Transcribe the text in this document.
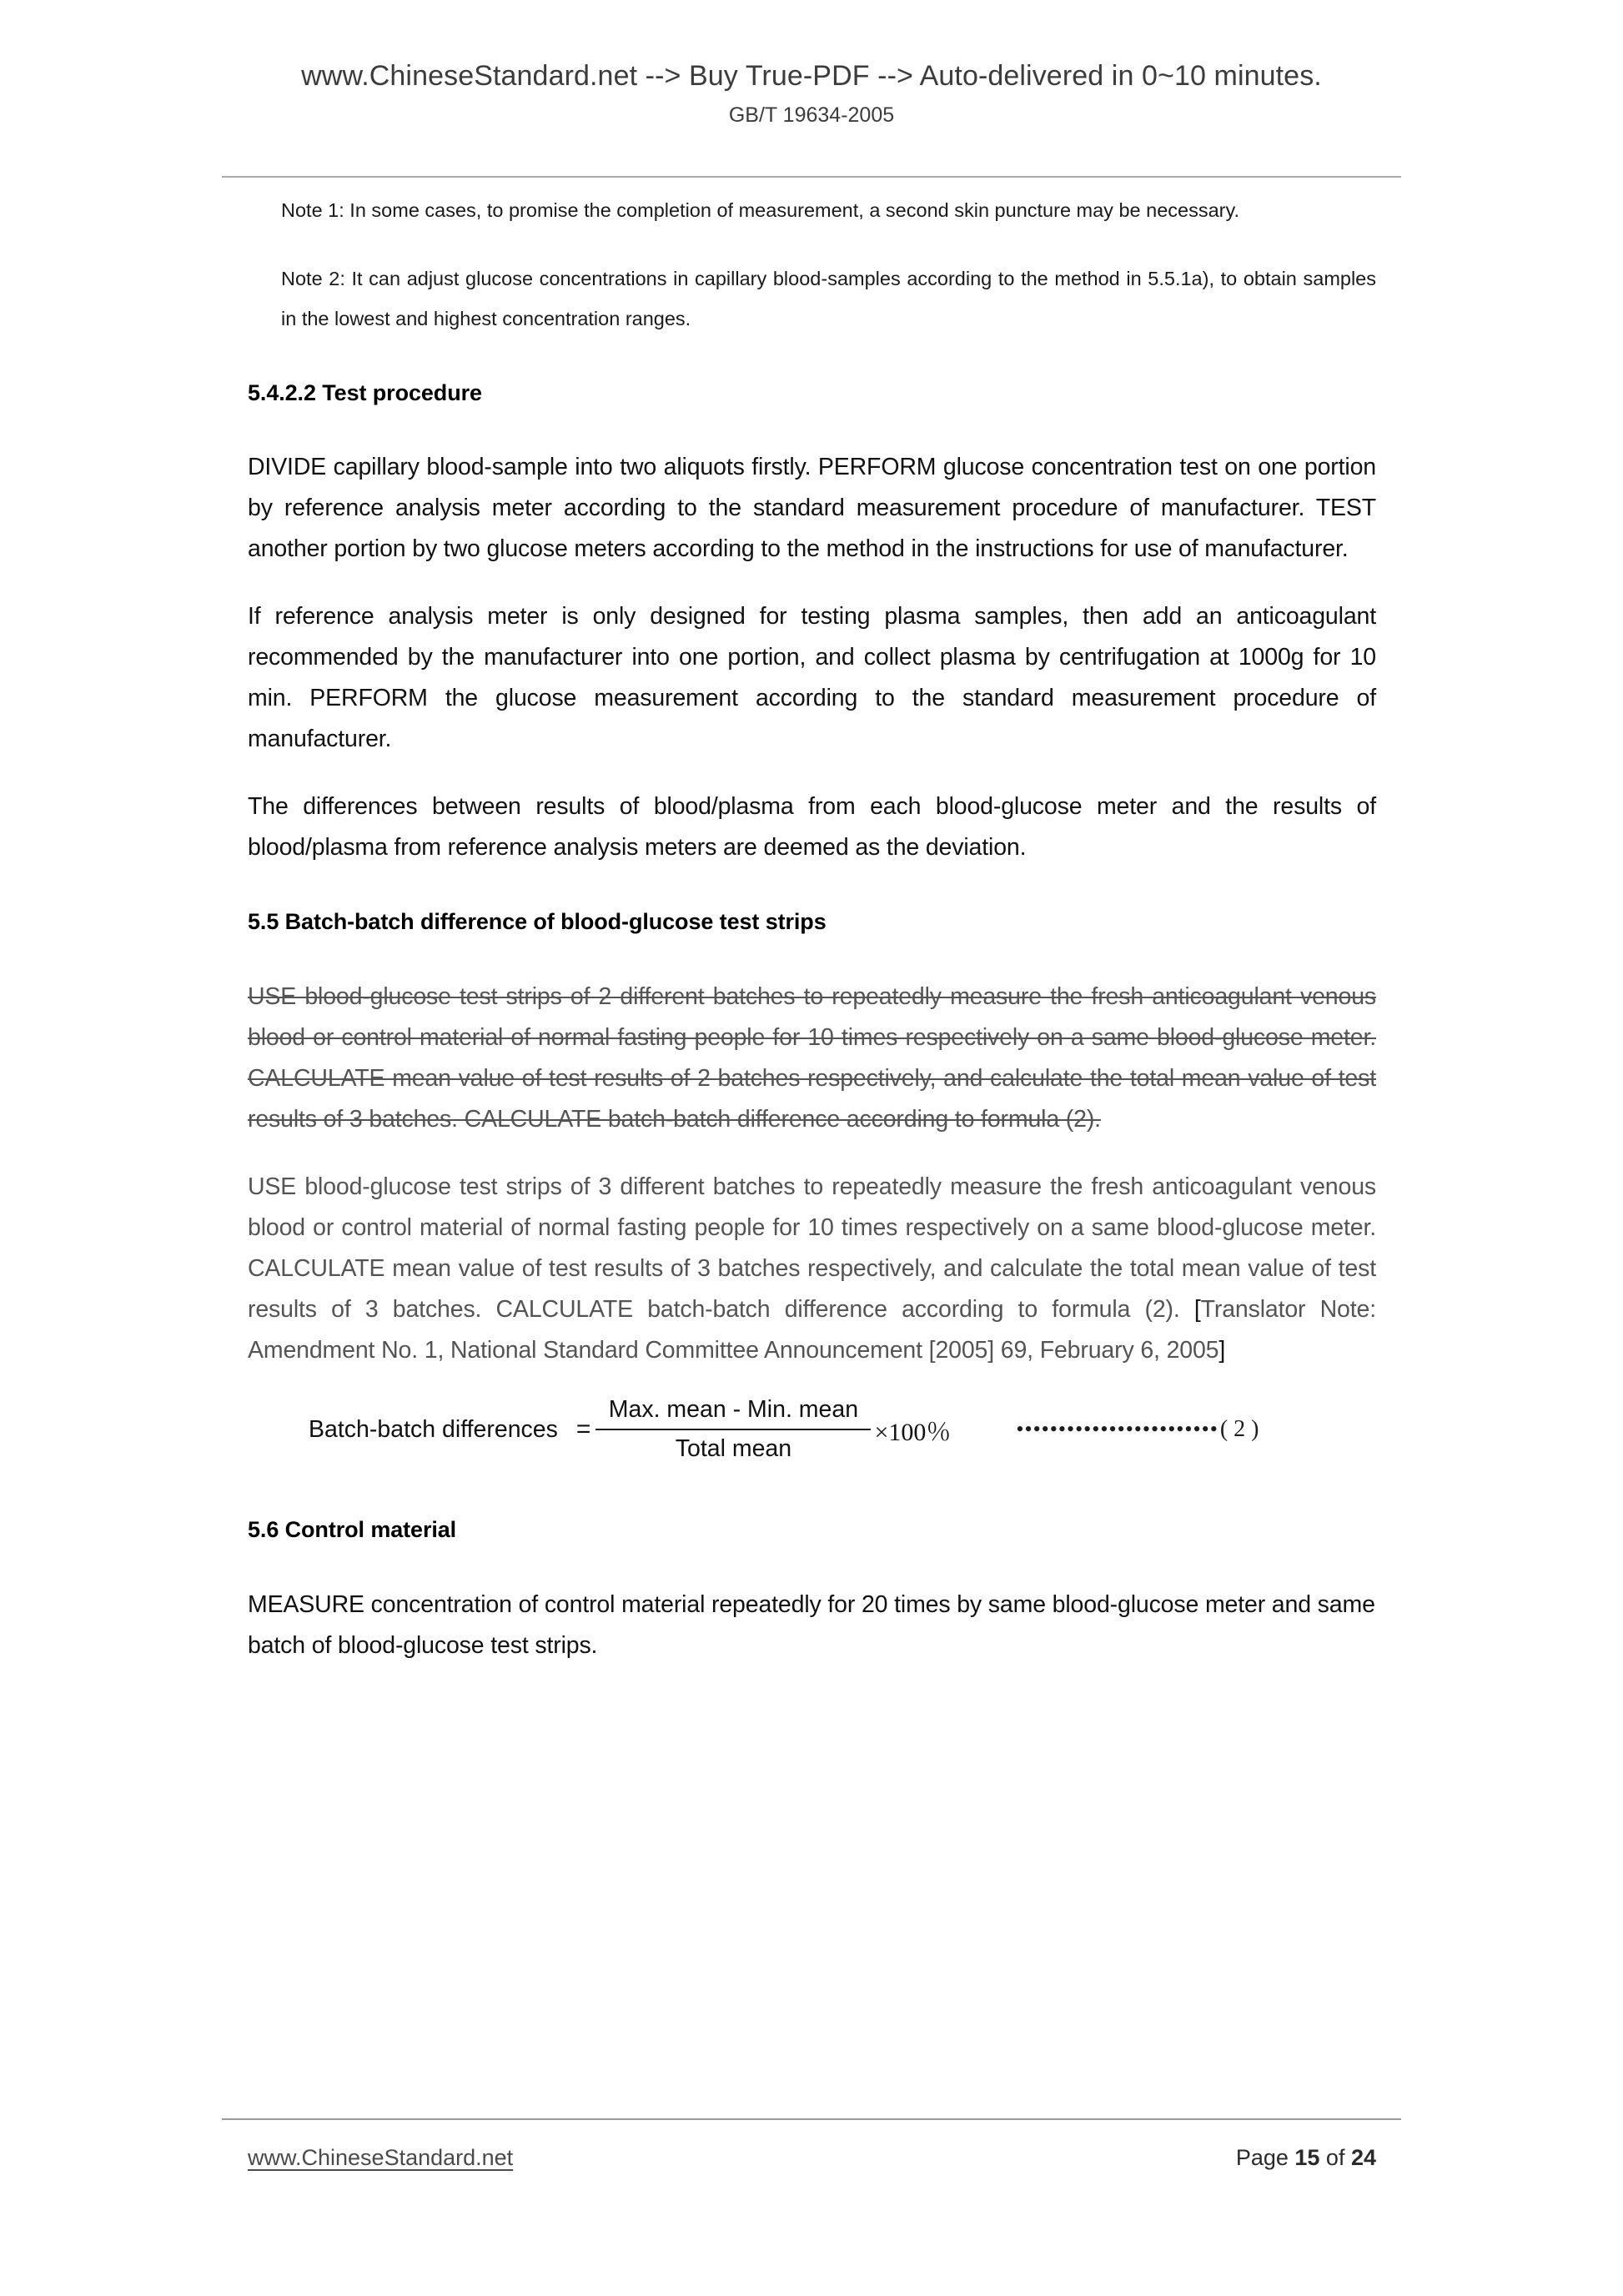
www.ChineseStandard.net --> Buy True-PDF --> Auto-delivered in 0~10 minutes.
GB/T 19634-2005

Note 1: In some cases, to promise the completion of measurement, a second skin puncture may be necessary.

Note 2: It can adjust glucose concentrations in capillary blood-samples according to the method in 5.5.1a), to obtain samples in the lowest and highest concentration ranges.

5.4.2.2 Test procedure

DIVIDE capillary blood-sample into two aliquots firstly. PERFORM glucose concentration test on one portion by reference analysis meter according to the standard measurement procedure of manufacturer. TEST another portion by two glucose meters according to the method in the instructions for use of manufacturer.

If reference analysis meter is only designed for testing plasma samples, then add an anticoagulant recommended by the manufacturer into one portion, and collect plasma by centrifugation at 1000g for 10 min. PERFORM the glucose measurement according to the standard measurement procedure of manufacturer.

The differences between results of blood/plasma from each blood-glucose meter and the results of blood/plasma from reference analysis meters are deemed as the deviation.

5.5 Batch-batch difference of blood-glucose test strips

USE blood-glucose test strips of 2 different batches to repeatedly measure the fresh anticoagulant venous blood or control material of normal fasting people for 10 times respectively on a same blood-glucose meter. CALCULATE mean value of test results of 2 batches respectively, and calculate the total mean value of test results of 3 batches. CALCULATE batch-batch difference according to formula (2).

USE blood-glucose test strips of 3 different batches to repeatedly measure the fresh anticoagulant venous blood or control material of normal fasting people for 10 times respectively on a same blood-glucose meter. CALCULATE mean value of test results of 3 batches respectively, and calculate the total mean value of test results of 3 batches. CALCULATE batch-batch difference according to formula (2). [Translator Note: Amendment No. 1, National Standard Committee Announcement [2005] 69, February 6, 2005]

Batch-batch differences = $\frac{\text{Max. mean - Min. mean}}{\text{Total mean}} \times 100$％	•••••••••••••••••••••••• ( 2 )
5.6 Control material

MEASURE concentration of control material repeatedly for 20 times by same blood-glucose meter and same batch of blood-glucose test strips.

www.ChineseStandard.net	Page 15 of 24
